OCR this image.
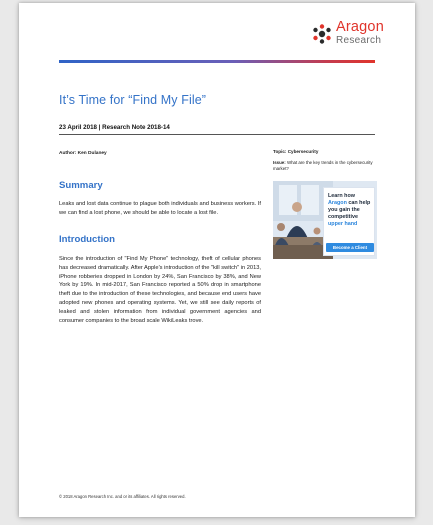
Aragon
Research
It’s Time for “Find My File”
23 April 2018 | Research Note 2018-14
Author: Ken Dulaney	Topic: Cybersecurity
Issue: What are the key trends in the cybersecurity market?
Summary

Leaks and lost data continue to plague both individuals and business workers. If we can find a lost phone, we should be able to locate a lost file.

Introduction

Since the introduction of "Find My Phone" technology, theft of cellular phones has decreased dramatically. After Apple's introduction of the "kill switch" in 2013, iPhone robberies dropped in London by 24%, San Francisco by 38%, and New York by 19%. In mid-2017, San Francisco reported a 50% drop in smartphone theft due to the introduction of these technologies, and because end users have adopted new phones and operating systems. Yet, we still see daily reports of leaked and stolen information from individual government agencies and consumer companies to the broad scale WikiLeaks trove.

Learn how Aragon can help you gain the competitive upper hand
Become a Client
© 2018 Aragon Research Inc. and or its affiliates. All rights reserved.
